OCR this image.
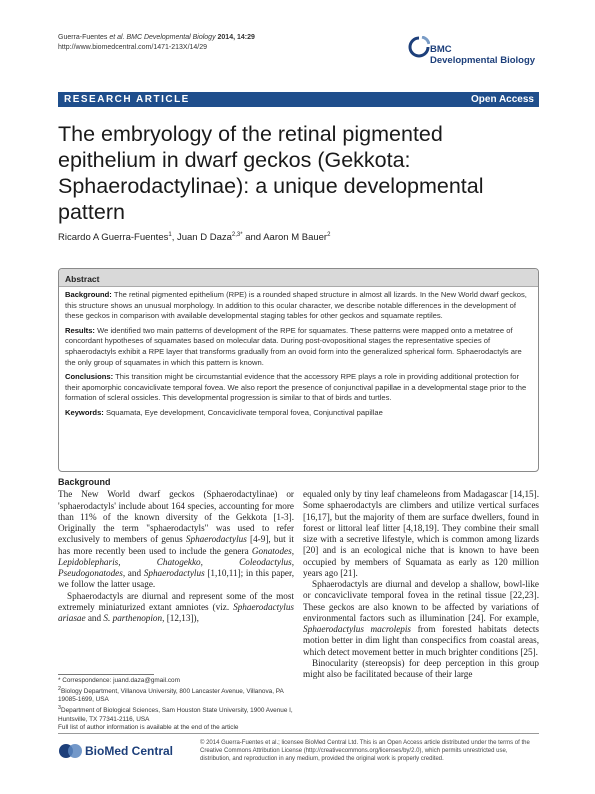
Guerra-Fuentes et al. BMC Developmental Biology 2014, 14:29
http://www.biomedcentral.com/1471-213X/14/29	BMC
Developmental Biology
RESEARCH ARTICLE	Open Access
The embryology of the retinal pigmented epithelium in dwarf geckos (Gekkota: Sphaerodactylinae): a unique developmental pattern
Ricardo A Guerra-Fuentes$^1$, Juan D Daza$^{2,3*}$ and Aaron M Bauer$^2$
Abstract

Background: The retinal pigmented epithelium (RPE) is a rounded shaped structure in almost all lizards. In the New World dwarf geckos, this structure shows an unusual morphology. In addition to this ocular character, we describe notable differences in the development of these geckos in comparison with available developmental staging tables for other geckos and squamate reptiles.

Results: We identified two main patterns of development of the RPE for squamates. These patterns were mapped onto a metatree of concordant hypotheses of squamates based on molecular data. During post-ovopositional stages the representative species of sphaerodactyls exhibit a RPE layer that transforms gradually from an ovoid form into the generalized spherical form. Sphaerodactyls are the only group of squamates in which this pattern is known.

Conclusions: This transition might be circumstantial evidence that the accessory RPE plays a role in providing additional protection for their apomorphic concaviclivate temporal fovea. We also report the presence of conjunctival papillae in a developmental stage prior to the formation of scleral ossicles. This developmental progression is similar to that of birds and turtles.

Keywords: Squamata, Eye development, Concaviclivate temporal fovea, Conjunctival papillae

Background

The New World dwarf geckos (Sphaerodactylinae) or 'sphaerodactyls' include about 164 species, accounting for more than 11% of the known diversity of the Gekkota [1-3]. Originally the term "sphaerodactyls" was used to refer exclusively to members of genus Sphaerodactylus [4-9], but it has more recently been used to include the genera Gonatodes, Lepidoblepharis, Chatogekko, Coleodactylus, Pseudogonatodes, and Sphaerodactylus [1,10,11]; in this paper, we follow the latter usage.

Sphaerodactyls are diurnal and represent some of the most extremely miniaturized extant amniotes (viz. Sphaerodactylus ariasae and S. parthenopion, [12,13]),

equaled only by tiny leaf chameleons from Madagascar [14,15]. Some sphaerodactyls are climbers and utilize vertical surfaces [16,17], but the majority of them are surface dwellers, found in forest or littoral leaf litter [4,18,19]. They combine their small size with a secretive lifestyle, which is common among lizards [20] and is an ecological niche that is known to have been occupied by members of Squamata as early as 120 million years ago [21].

Sphaerodactyls are diurnal and develop a shallow, bowl-like or concaviclivate temporal fovea in the retinal tissue [22,23]. These geckos are also known to be affected by variations of environmental factors such as illumination [24]. For example, Sphaerodactylus macrolepis from forested habitats detects motion better in dim light than conspecifics from coastal areas, which detect movement better in much brighter conditions [25].

Binocularity (stereopsis) for deep perception in this group might also be facilitated because of their large

* Correspondence: juand.daza@gmail.com

$^2$Biology Department, Villanova University, 800 Lancaster Avenue, Villanova, PA 19085-1699, USA

$^3$Department of Biological Sciences, Sam Houston State University, 1900 Avenue I, Huntsville, TX 77341-2116, USA

Full list of author information is available at the end of the article

BioMed Central
© 2014 Guerra-Fuentes et al.; licensee BioMed Central Ltd. This is an Open Access article distributed under the terms of the Creative Commons Attribution License (http://creativecommons.org/licenses/by/2.0), which permits unrestricted use, distribution, and reproduction in any medium, provided the original work is properly credited.
